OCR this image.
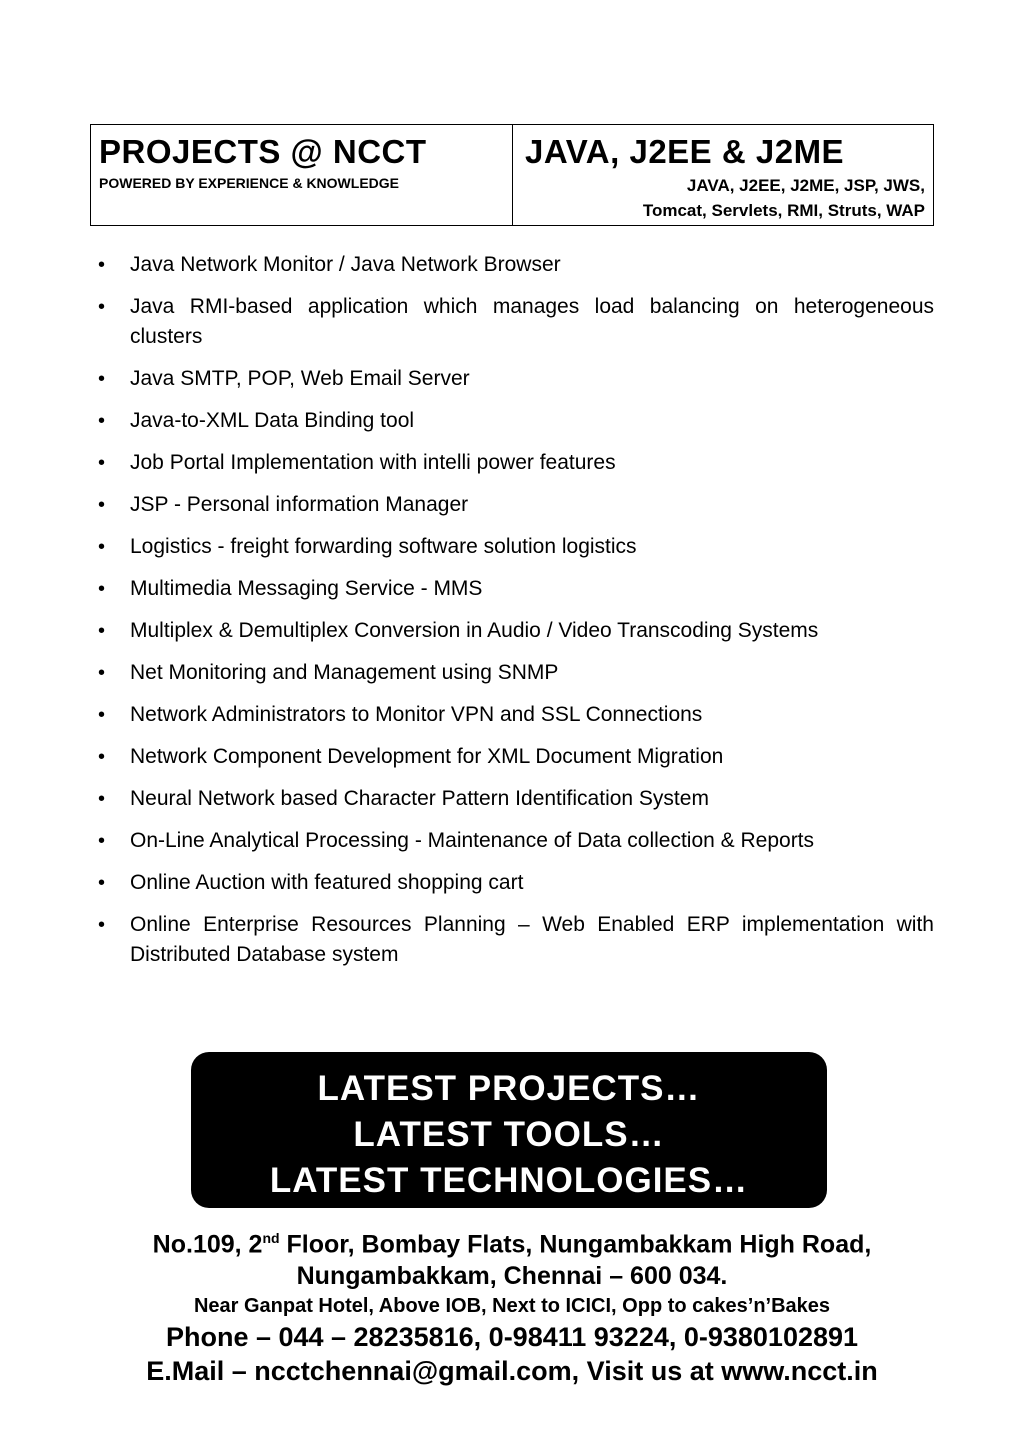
PROJECTS @ NCCT
POWERED BY EXPERIENCE & KNOWLEDGE
JAVA, J2EE & J2ME
JAVA, J2EE, J2ME, JSP, JWS,
Tomcat, Servlets, RMI, Struts, WAP
• Java Network Monitor / Java Network Browser
• Java RMI-based application which manages load balancing on heterogeneous clusters
• Java SMTP, POP, Web Email Server
• Java-to-XML Data Binding tool
• Job Portal Implementation with intelli power features
• JSP - Personal information Manager
• Logistics - freight forwarding software solution logistics
• Multimedia Messaging Service - MMS
• Multiplex & Demultiplex Conversion in Audio / Video Transcoding Systems
• Net Monitoring and Management using SNMP
• Network Administrators to Monitor VPN and SSL Connections
• Network Component Development for XML Document Migration
• Neural Network based Character Pattern Identification System
• On-Line Analytical Processing - Maintenance of Data collection & Reports
• Online Auction with featured shopping cart
• Online Enterprise Resources Planning – Web Enabled ERP implementation with Distributed Database system
LATEST PROJECTS…
LATEST TOOLS…
LATEST TECHNOLOGIES…
No.109, 2nd Floor, Bombay Flats, Nungambakkam High Road,
Nungambakkam, Chennai – 600 034.
Near Ganpat Hotel, Above IOB, Next to ICICI, Opp to cakes’n’Bakes
Phone – 044 – 28235816, 0-98411 93224, 0-9380102891
E.Mail – ncctchennai@gmail.com, Visit us at www.ncct.in
